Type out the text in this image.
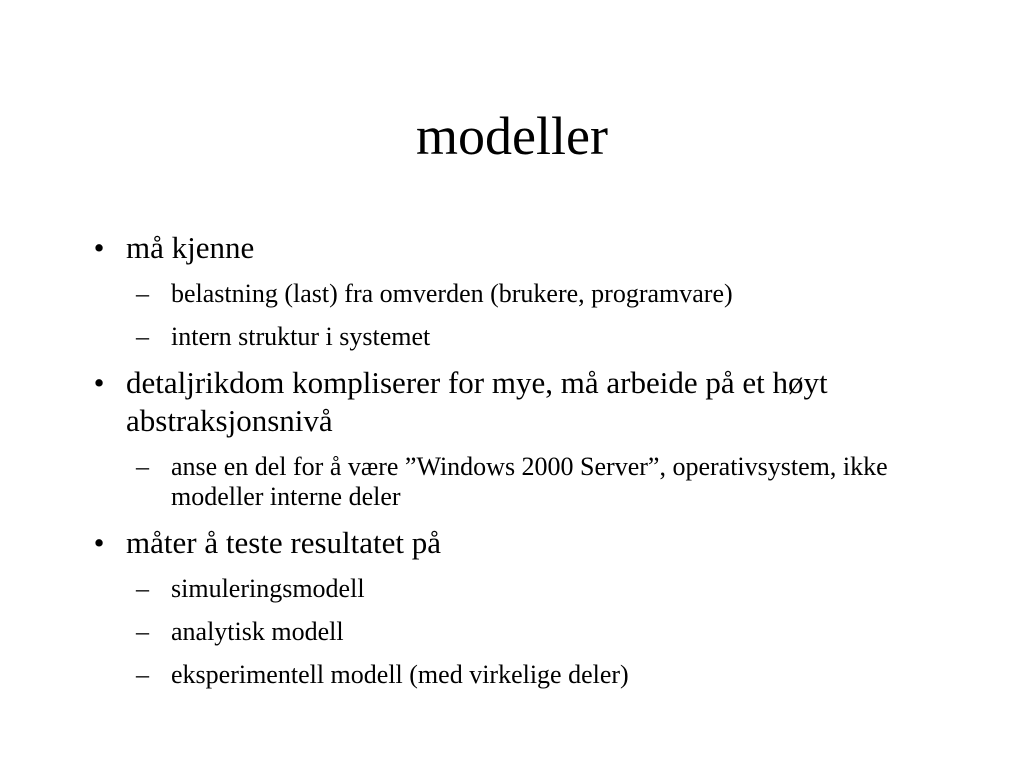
modeller
• må kjenne
– belastning (last) fra omverden (brukere, programvare)
– intern struktur i systemet
• detaljrikdom kompliserer for mye, må arbeide på et høyt abstraksjonsnivå
– anse en del for å være ”Windows 2000 Server”, operativsystem, ikke modeller interne deler
• måter å teste resultatet på
– simuleringsmodell
– analytisk modell
– eksperimentell modell (med virkelige deler)
